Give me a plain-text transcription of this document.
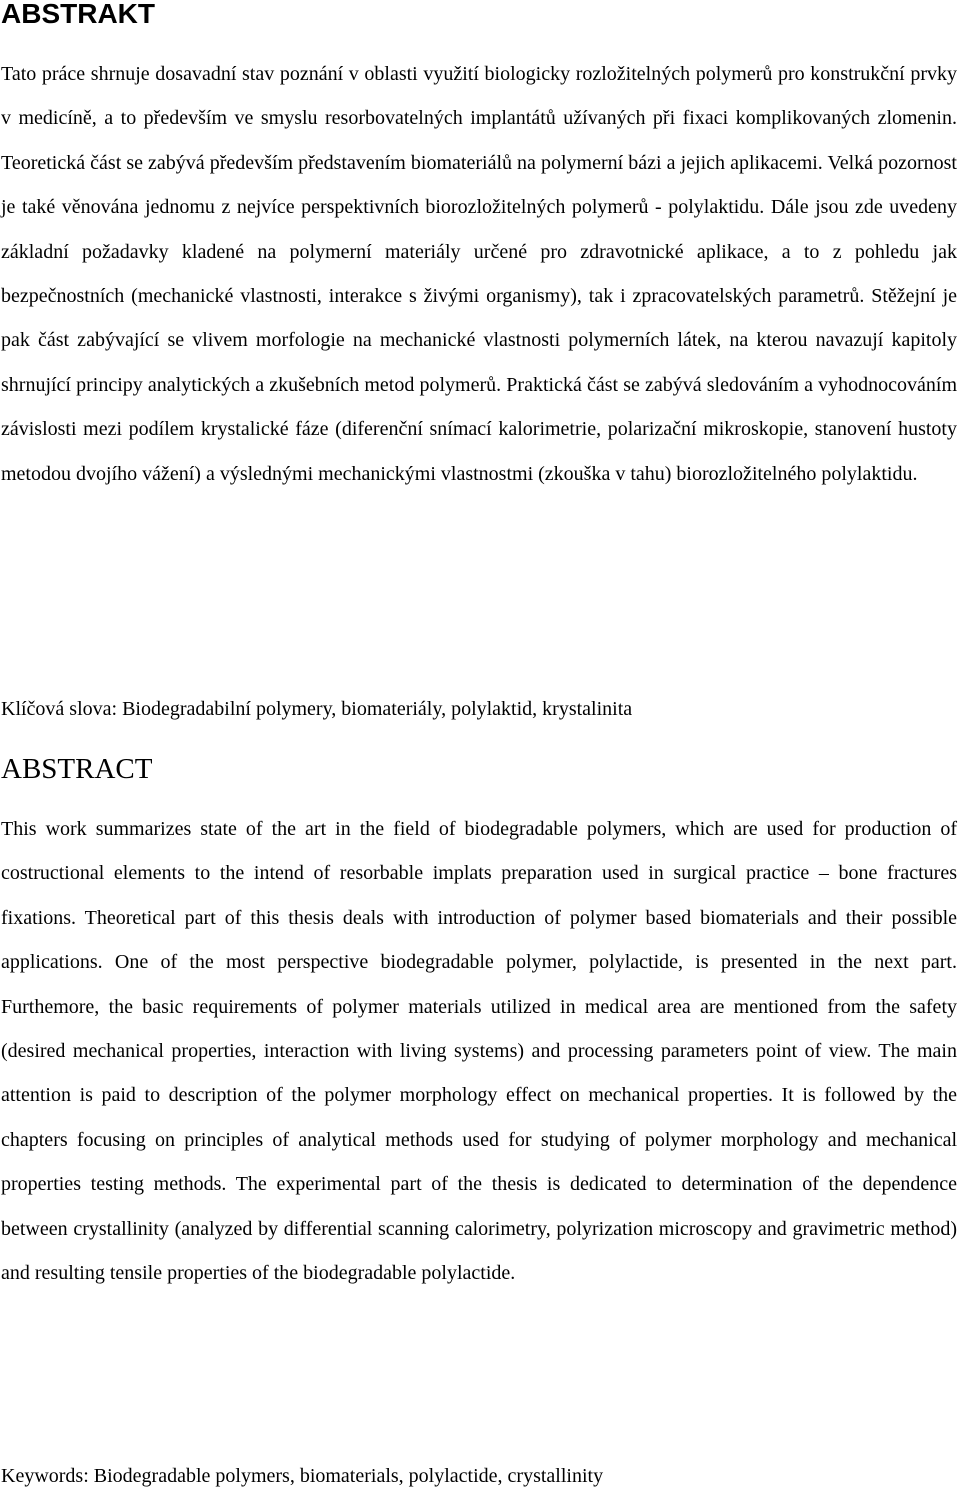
ABSTRAKT

Tato práce shrnuje dosavadní stav poznání v oblasti využití biologicky rozložitelných polymerů pro konstrukční prvky v medicíně, a to především ve smyslu resorbovatelných implantátů užívaných při fixaci komplikovaných zlomenin. Teoretická část se zabývá především představením biomateriálů na polymerní bázi a jejich aplikacemi. Velká pozornost je také věnována jednomu z nejvíce perspektivních biorozložitelných polymerů - polylaktidu. Dále jsou zde uvedeny základní požadavky kladené na polymerní materiály určené pro zdravotnické aplikace, a to z pohledu jak bezpečnostních (mechanické vlastnosti, interakce s živými organismy), tak i zpracovatelských parametrů. Stěžejní je pak část zabývající se vlivem morfologie na mechanické vlastnosti polymerních látek, na kterou navazují kapitoly shrnující principy analytických a zkušebních metod polymerů. Praktická část se zabývá sledováním a vyhodnocováním závislosti mezi podílem krystalické fáze (diferenční snímací kalorimetrie, polarizační mikroskopie, stanovení hustoty metodou dvojího vážení) a výslednými mechanickými vlastnostmi (zkouška v tahu) biorozložitelného polylaktidu.

Klíčová slova: Biodegradabilní polymery, biomateriály, polylaktid, krystalinita

ABSTRACT

This work summarizes state of the art in the field of biodegradable polymers, which are used for production of costructional elements to the intend of resorbable implats preparation used in surgical practice – bone fractures fixations. Theoretical part of this thesis deals with introduction of polymer based biomaterials and their possible applications. One of the most perspective biodegradable polymer, polylactide, is presented in the next part. Furthemore, the basic requirements of polymer materials utilized in medical area are mentioned from the safety (desired mechanical properties, interaction with living systems) and processing parameters point of view. The main attention is paid to description of the polymer morphology effect on mechanical properties. It is followed by the chapters focusing on principles of analytical methods used for studying of polymer morphology and mechanical properties testing methods. The experimental part of the thesis is dedicated to determination of the dependence between crystallinity (analyzed by differential scanning calorimetry, polyrization microscopy and gravimetric method) and resulting tensile properties of the biodegradable polylactide.

Keywords: Biodegradable polymers, biomaterials, polylactide, crystallinity
